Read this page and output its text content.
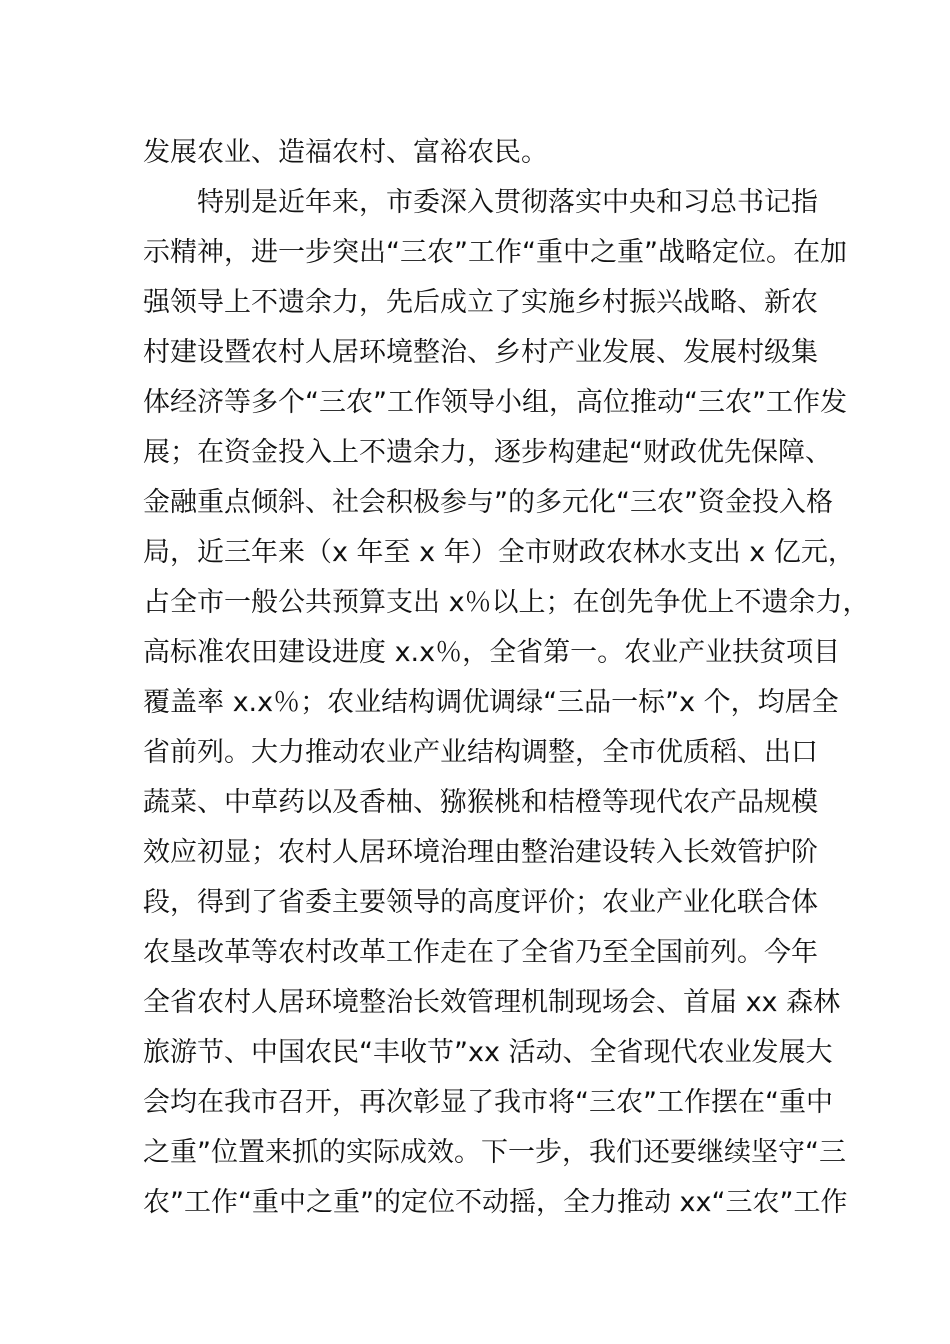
发展农业、造福农村、富裕农民。
　　特别是近年来，市委深入贯彻落实中央和习总书记指
示精神，进一步突出“三农”工作“重中之重”战略定位。在加
强领导上不遗余力，先后成立了实施乡村振兴战略、新农
村建设暨农村人居环境整治、乡村产业发展、发展村级集
体经济等多个“三农”工作领导小组，高位推动“三农”工作发
展；在资金投入上不遗余力，逐步构建起“财政优先保障、
金融重点倾斜、社会积极参与”的多元化“三农”资金投入格
局，近三年来（x 年至 x 年）全市财政农林水支出 x 亿元，
占全市一般公共预算支出 x％以上；在创先争优上不遗余力，
高标准农田建设进度 x.x％，全省第一。农业产业扶贫项目
覆盖率 x.x％；农业结构调优调绿“三品一标”x 个，均居全
省前列。大力推动农业产业结构调整，全市优质稻、出口
蔬菜、中草药以及香柚、猕猴桃和桔橙等现代农产品规模
效应初显；农村人居环境治理由整治建设转入长效管护阶
段，得到了省委主要领导的高度评价；农业产业化联合体
农垦改革等农村改革工作走在了全省乃至全国前列。今年
全省农村人居环境整治长效管理机制现场会、首届 xx 森林
旅游节、中国农民“丰收节”xx 活动、全省现代农业发展大
会均在我市召开，再次彰显了我市将“三农”工作摆在“重中
之重”位置来抓的实际成效。下一步，我们还要继续坚守“三
农”工作“重中之重”的定位不动摇，全力推动 xx“三农”工作
